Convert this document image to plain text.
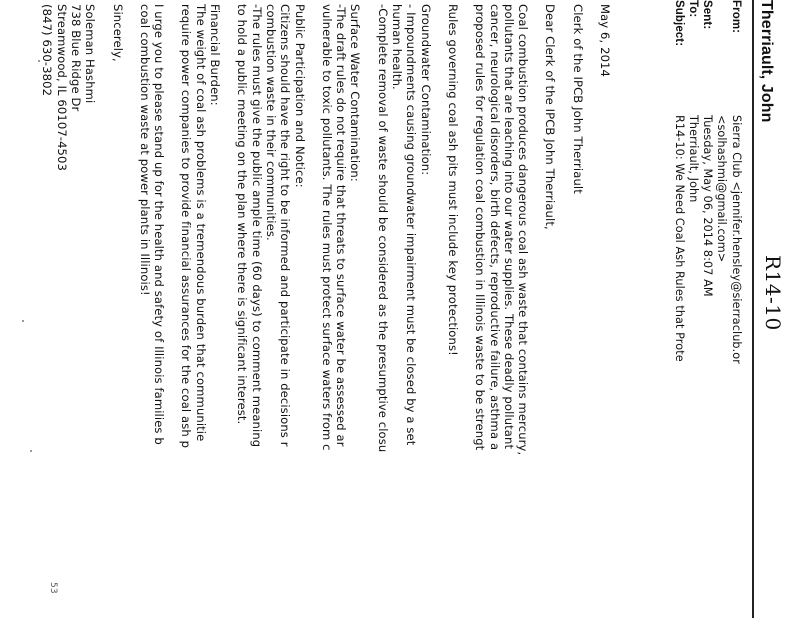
Therriault, John
R14-10
From:
Sierra Club <jennifer.hensley@sierraclub.or
<solhashmi@gmail.com>
Sent:
Tuesday, May 06, 2014 8:07 AM
To:
Therriault, John
Subject:
R14-10: We Need Coal Ash Rules that Prote
May 6, 2014
Clerk of the IPCB John Therriault
Dear Clerk of the IPCB John Therriault,
Coal combustion produces dangerous coal ash waste that contains mercury,
pollutants that are leaching into our water supplies. These deadly pollutant
cancer, neurological disorders, birth defects, reproductive failure, asthma a
proposed rules for regulation coal combustion in Illinois waste to be strengt
Rules governing coal ash pits must include key protections!
Groundwater Contamination:
- Impoundments causing groundwater impairment must be closed by a set
human health.
-Complete removal of waste should be considered as the presumptive closu
Surface Water Contamination:
-The draft rules do not require that threats to surface water be assessed ar
vulnerable to toxic pollutants. The rules must protect surface waters from c
Public Participation and Notice:
Citizens should have the right to be informed and participate in decisions r
combustion waste in their communities.
-The rules must give the public ample time (60 days) to comment meaning
to hold a public meeting on the plan where there is significant interest.
Financial Burden:
The weight of coal ash problems is a tremendous burden that communitie
require power companies to provide financial assurances for the coal ash p
I urge you to please stand up for the health and safety of Illinois families b
coal combustion waste at power plants in Illinois!
Sincerely,
Soleman Hashmi
738 Blue Ridge Dr
Streamwood, IL 60107-4503
(847) 630-3802
53
